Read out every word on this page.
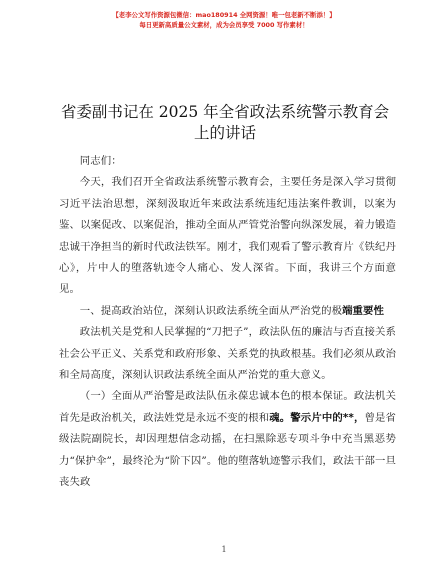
【老李公文写作资源包微信：mao180914 全网资源！唯一包老新不断添！】
每日更新高质量公文素材，成为会员享受 7000 写作素材！
省委副书记在 2025 年全省政法系统警示教育会上的讲话

同志们：

今天，我们召开全省政法系统警示教育会，主要任务是深入学习贯彻习近平法治思想，深刻汲取近年来政法系统违纪违法案件教训，以案为鉴、以案促改、以案促治，推动全面从严管党治警向纵深发展，着力锻造忠诚干净担当的新时代政法铁军。刚才，我们观看了警示教育片《铁纪丹心》，片中人的堕落轨迹令人痛心、发人深省。下面，我讲三个方面意见。

一、提高政治站位，深刻认识政法系统全面从严治党的极端重要性

政法机关是党和人民掌握的“刀把子”，政法队伍的廉洁与否直接关系社会公平正义、关系党和政府形象、关系党的执政根基。我们必须从政治和全局高度，深刻认识政法系统全面从严治党的重大意义。

（一）全面从严治警是政法队伍永葆忠诚本色的根本保证。政法机关首先是政治机关，政法姓党是永远不变的根和魂。警示片中的**，曾是省级法院副院长，却因理想信念动摇，在扫黑除恶专项斗争中充当黑恶势力“保护伞”，最终沦为“阶下囚”。他的堕落轨迹警示我们，政法干部一旦丧失政

1
